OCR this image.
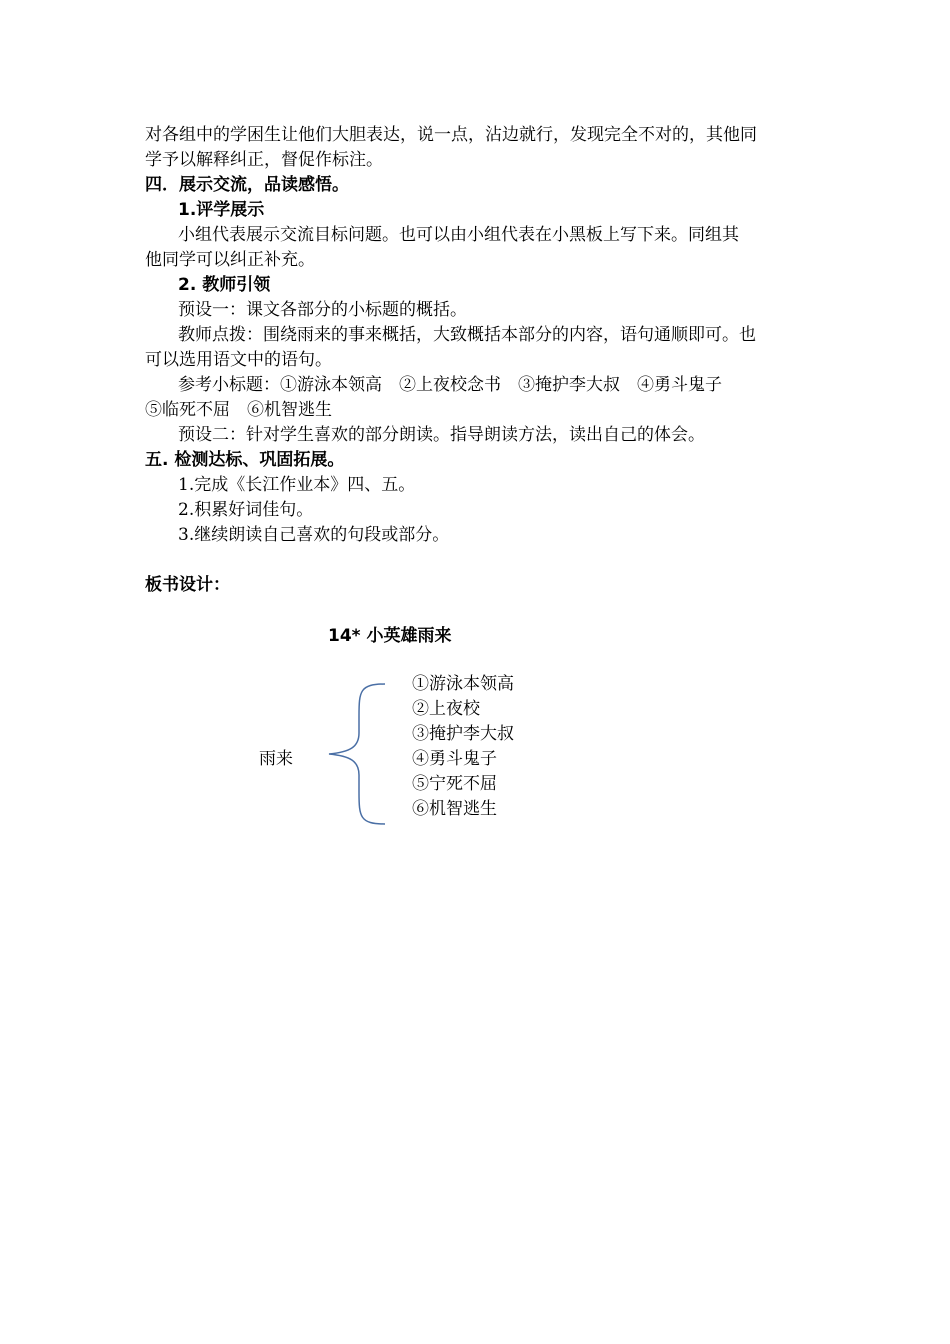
对各组中的学困生让他们大胆表达，说一点，沾边就行，发现完全不对的，其他同
学予以解释纠正，督促作标注。
四．展示交流，品读感悟。
1.评学展示
小组代表展示交流目标问题。也可以由小组代表在小黑板上写下来。同组其
他同学可以纠正补充。
2. 教师引领
预设一：课文各部分的小标题的概括。
教师点拨：围绕雨来的事来概括，大致概括本部分的内容，语句通顺即可。也
可以选用语文中的语句。
参考小标题：①游泳本领高　②上夜校念书　③掩护李大叔　④勇斗鬼子
⑤临死不屈　⑥机智逃生
预设二：针对学生喜欢的部分朗读。指导朗读方法，读出自己的体会。
五. 检测达标、巩固拓展。
1.完成《长江作业本》四、五。
2.积累好词佳句。
3.继续朗读自己喜欢的句段或部分。
板书设计：
14* 小英雄雨来
雨来
①游泳本领高
②上夜校
③掩护李大叔
④勇斗鬼子
⑤宁死不屈
⑥机智逃生
